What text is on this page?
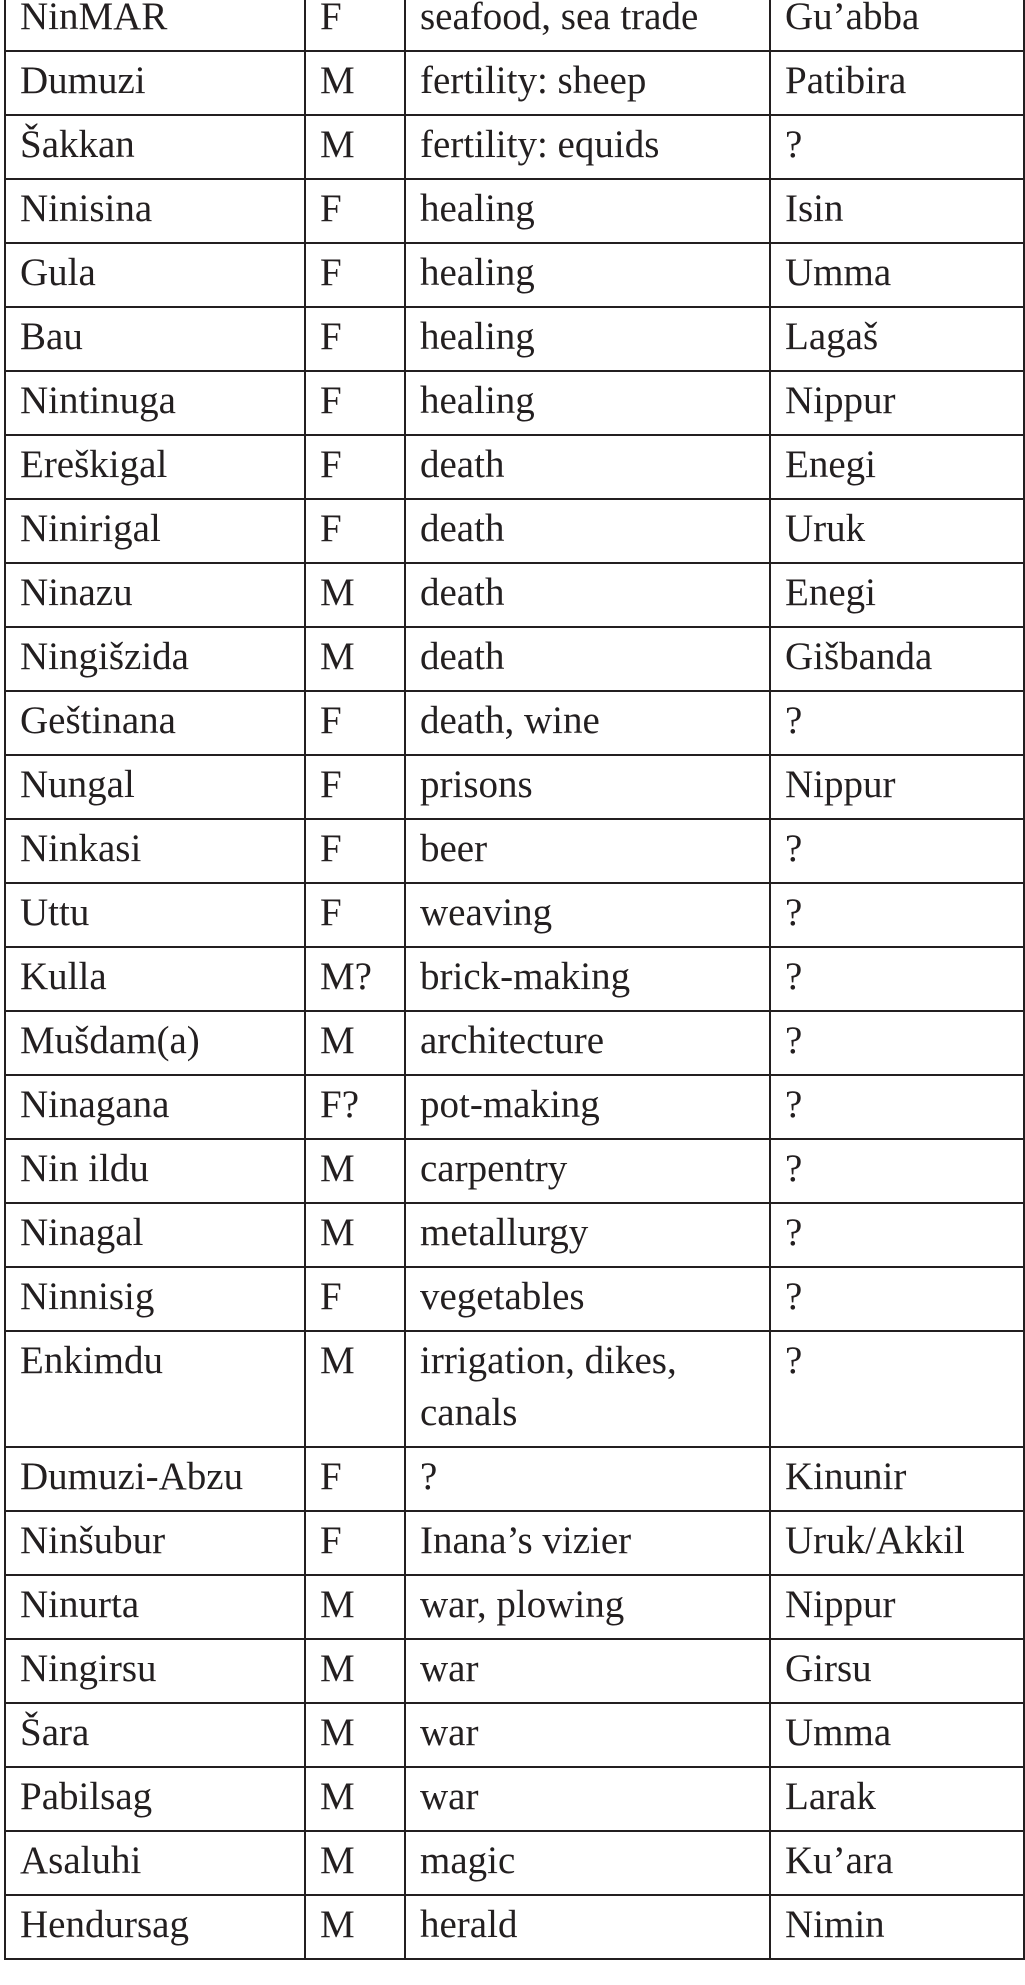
NinMAR	F	seafood, sea trade	Gu’abba
Dumuzi	M	fertility: sheep	Patibira
Šakkan	M	fertility: equids	?
Ninisina	F	healing	Isin
Gula	F	healing	Umma
Bau	F	healing	Lagaš
Nintinuga	F	healing	Nippur
Ereškigal	F	death	Enegi
Ninirigal	F	death	Uruk
Ninazu	M	death	Enegi
Ningišzida	M	death	Gišbanda
Geštinana	F	death, wine	?
Nungal	F	prisons	Nippur
Ninkasi	F	beer	?
Uttu	F	weaving	?
Kulla	M?	brick-making	?
Mušdam(a)	M	architecture	?
Ninagana	F?	pot-making	?
Nin ildu	M	carpentry	?
Ninagal	M	metallurgy	?
Ninnisig	F	vegetables	?
Enkimdu	M	irrigation, dikes, canals	?
Dumuzi-Abzu	F	?	Kinunir
Ninšubur	F	Inana’s vizier	Uruk/Akkil
Ninurta	M	war, plowing	Nippur
Ningirsu	M	war	Girsu
Šara	M	war	Umma
Pabilsag	M	war	Larak
Asaluhi	M	magic	Ku’ara
Hendursag	M	herald	Nimin
